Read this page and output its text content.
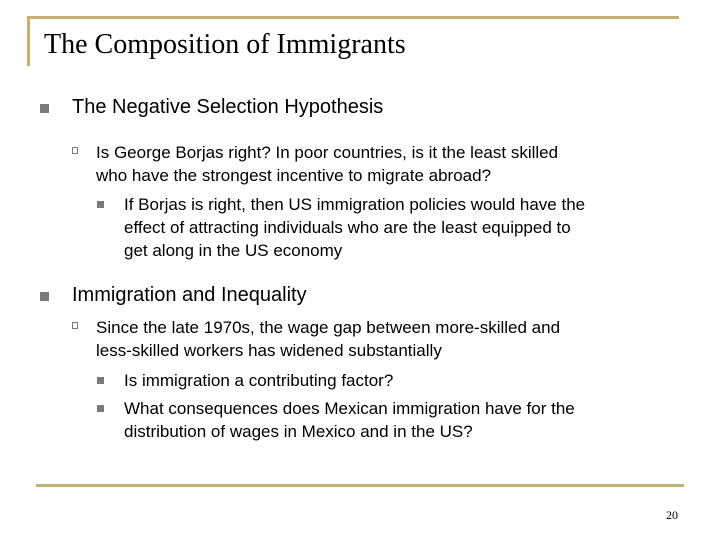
The Composition of Immigrants
The Negative Selection Hypothesis
Is George Borjas right? In poor countries, is it the least skilled
who have the strongest incentive to migrate abroad?
If Borjas is right, then US immigration policies would have the
effect of attracting individuals who are the least equipped to
get along in the US economy
Immigration and Inequality
Since the late 1970s, the wage gap between more-skilled and
less-skilled workers has widened substantially
Is immigration a contributing factor?
What consequences does Mexican immigration have for the
distribution of wages in Mexico and in the US?
20
